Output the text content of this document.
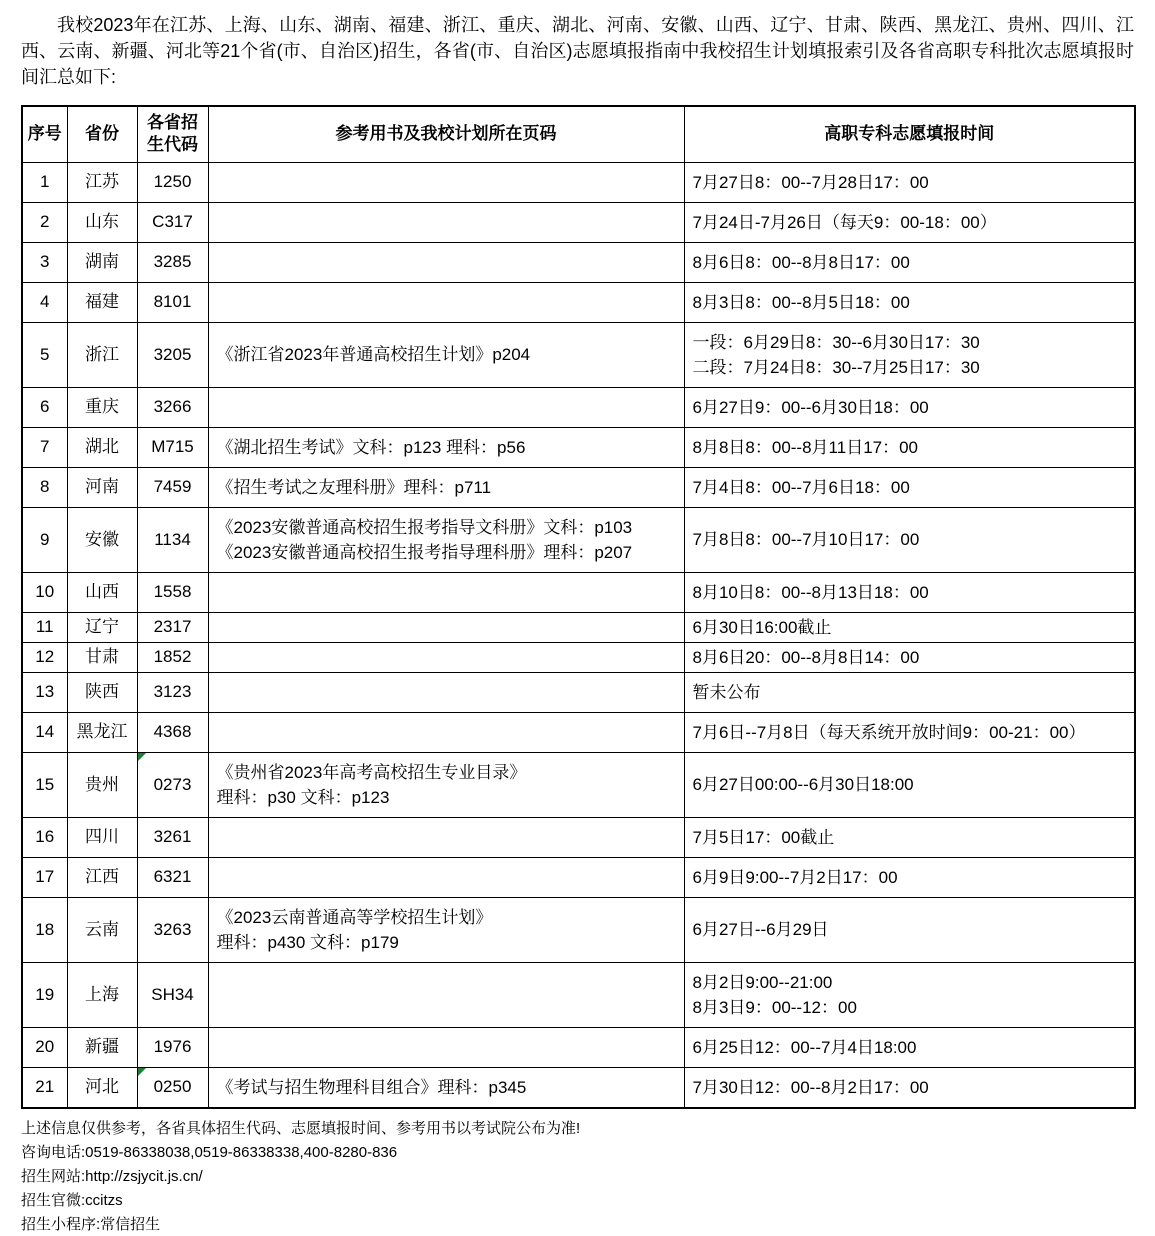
我校2023年在江苏、上海、山东、湖南、福建、浙江、重庆、湖北、河南、安徽、山西、辽宁、甘肃、陕西、黑龙江、贵州、四川、江西、云南、新疆、河北等21个省(市、自治区)招生，各省(市、自治区)志愿填报指南中我校招生计划填报索引及各省高职专科批次志愿填报时间汇总如下:

序号	省份	各省招生代码	参考用书及我校计划所在页码	高职专科志愿填报时间
1	江苏	1250		7月27日8：00--7月28日17：00

2	山东	C317		7月24日-7月26日（每天9：00-18：00）

3	湖南	3285		8月6日8：00--8月8日17：00

4	福建	8101		8月3日8：00--8月5日18：00

5	浙江	3205	《浙江省2023年普通高校招生计划》p204	一段：6月29日8：30--6月30日17：30
二段：7月24日8：30--7月25日17：30

6	重庆	3266		6月27日9：00--6月30日18：00

7	湖北	M715	《湖北招生考试》文科：p123 理科：p56	8月8日8：00--8月11日17：00

8	河南	7459	《招生考试之友理科册》理科：p711	7月4日8：00--7月6日18：00

9	安徽	1134	《2023安徽普通高校招生报考指导文科册》文科：p103
《2023安徽普通高校招生报考指导理科册》理科：p207	7月8日8：00--7月10日17：00

10	山西	1558		8月10日8：00--8月13日18：00

11	辽宁	2317		6月30日16:00截止

12	甘肃	1852		8月6日20：00--8月8日14：00

13	陕西	3123		暂未公布

14	黑龙江	4368		7月6日--7月8日（每天系统开放时间9：00-21：00）

15	贵州	0273	《贵州省2023年高考高校招生专业目录》
理科：p30 文科：p123	6月27日00:00--6月30日18:00

16	四川	3261		7月5日17：00截止

17	江西	6321		6月9日9:00--7月2日17：00

18	云南	3263	《2023云南普通高等学校招生计划》
理科：p430 文科：p179	6月27日--6月29日

19	上海	SH34		8月2日9:00--21:00
8月3日9：00--12：00

20	新疆	1976		6月25日12：00--7月4日18:00

21	河北	0250	《考试与招生物理科目组合》理科：p345	7月30日12：00--8月2日17：00
上述信息仅供参考，各省具体招生代码、志愿填报时间、参考用书以考试院公布为准!
咨询电话:0519-86338038,0519-86338338,400-8280-836
招生网站:http://zsjycit.js.cn/
招生官微:ccitzs
招生小程序:常信招生
